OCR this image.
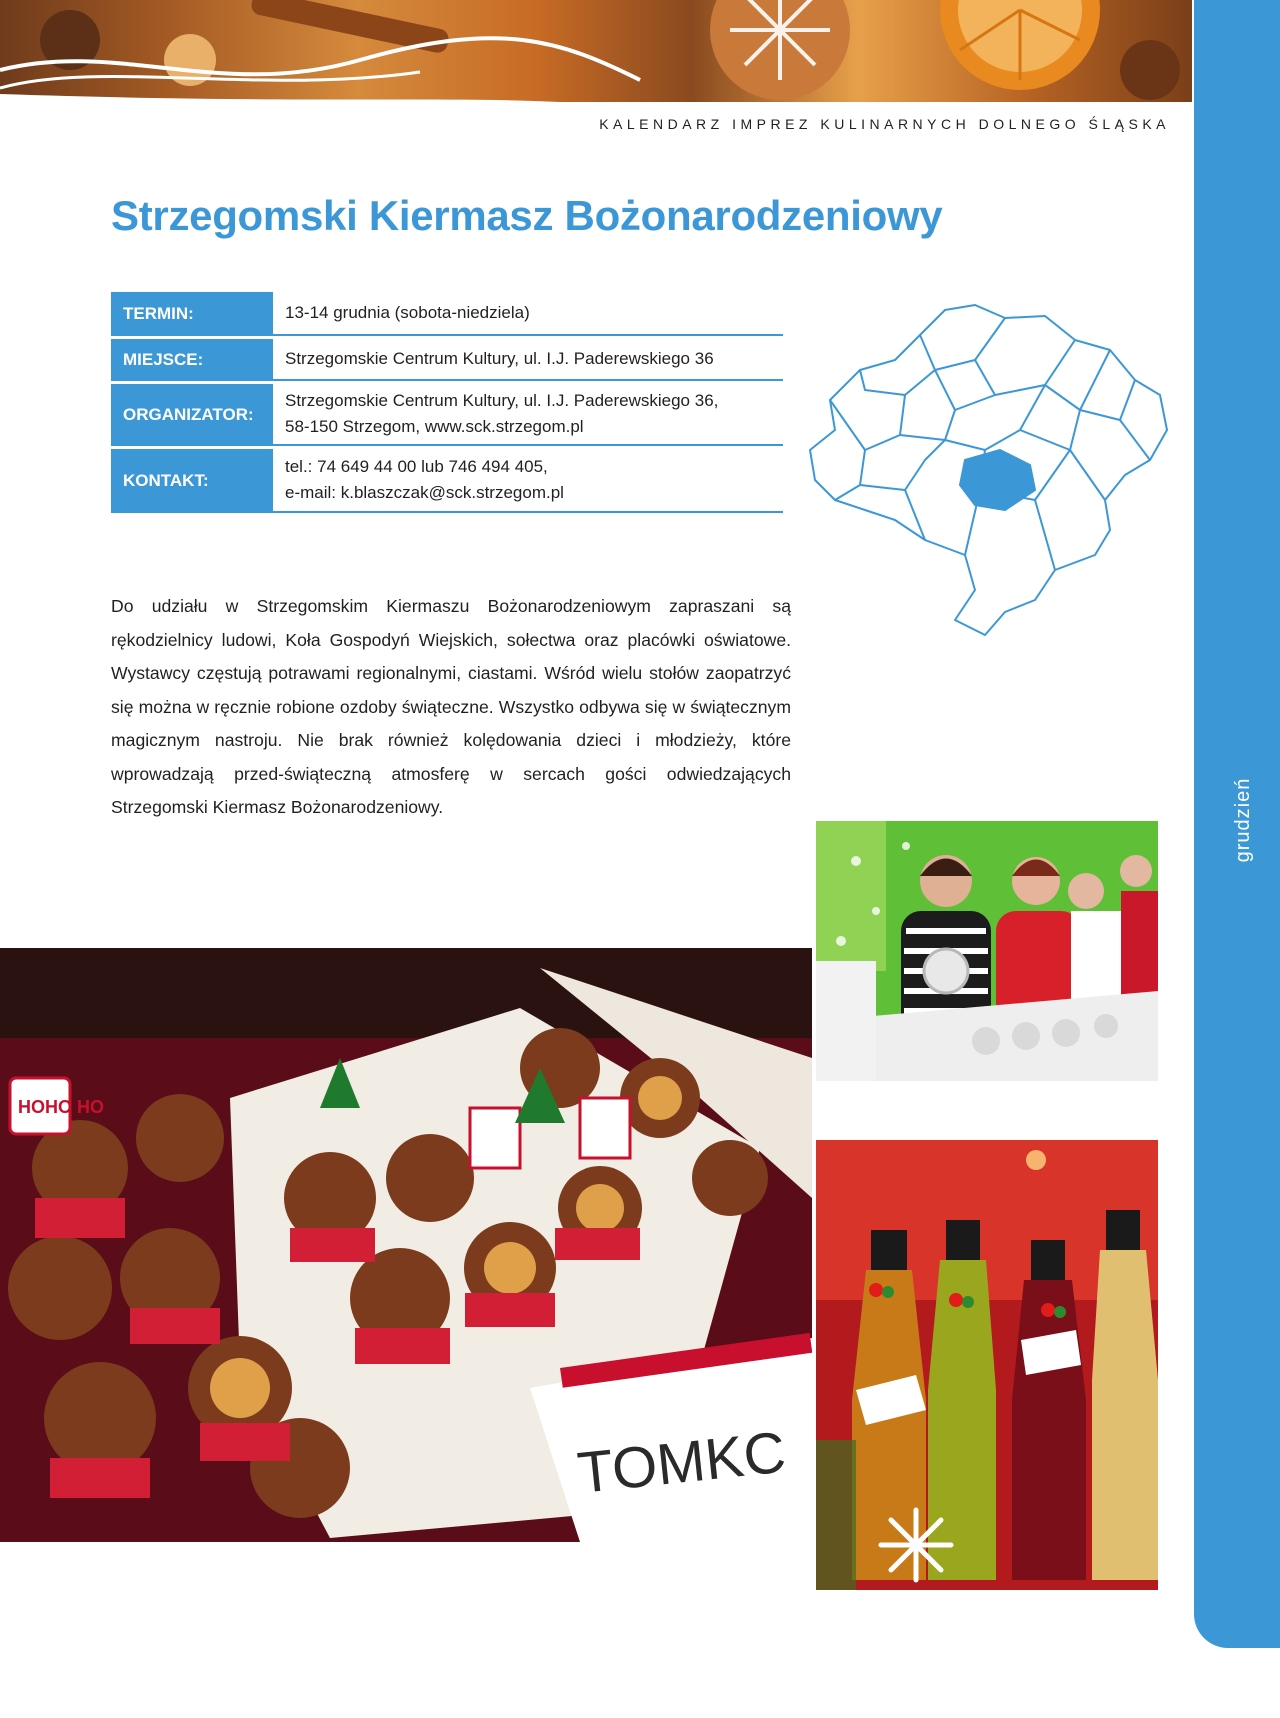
grudzień
KALENDARZ IMPREZ KULINARNYCH DOLNEGO ŚLĄSKA
Strzegomski Kiermasz Bożonarodzeniowy
TERMIN:	13-14 grudnia (sobota-niedziela)
MIEJSCE:	Strzegomskie Centrum Kultury, ul. I.J. Paderewskiego 36
ORGANIZATOR:
Strzegomskie Centrum Kultury, ul. I.J. Paderewskiego 36,
58-150 Strzegom, www.sck.strzegom.pl
KONTAKT:
tel.: 74 649 44 00 lub 746 494 405,
e-mail: k.blaszczak@sck.strzegom.pl

Do udziału w Strzegomskim Kiermaszu Bożonarodzeniowym zapraszani są rękodzielnicy ludowi, Koła Gospodyń Wiejskich, sołectwa oraz placówki oświatowe. Wystawcy częstują potrawami regionalnymi, ciastami. Wśród wielu stołów zaopatrzyć się można w ręcznie robione ozdoby świąteczne. Wszystko odbywa się w świątecznym magicznym nastroju. Nie brak również kolędowania dzieci i młodzieży, które wprowadzają przed-świąteczną atmosferę w sercach gości odwiedzających Strzegomski Kiermasz Bożonarodzeniowy.

HOHO HO
TOMKC
